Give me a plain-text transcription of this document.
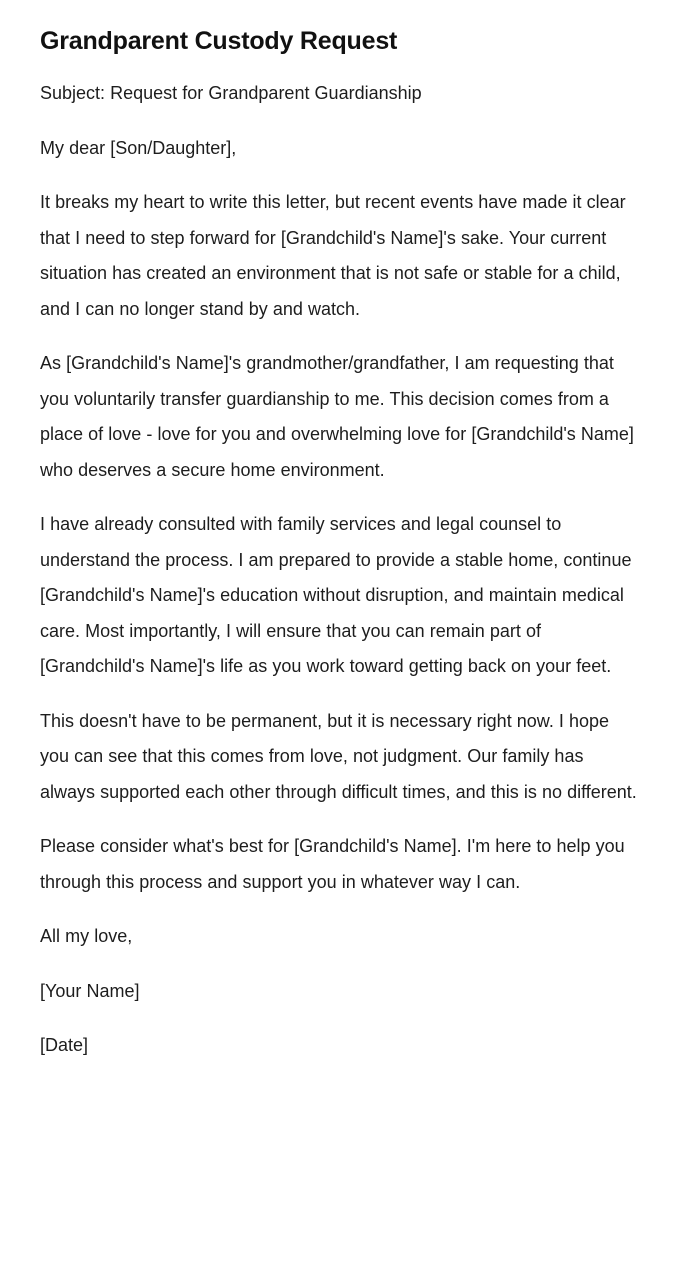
Grandparent Custody Request

Subject: Request for Grandparent Guardianship

My dear [Son/Daughter],

It breaks my heart to write this letter, but recent events have made it clear that I need to step forward for [Grandchild's Name]'s sake. Your current situation has created an environment that is not safe or stable for a child, and I can no longer stand by and watch.

As [Grandchild's Name]'s grandmother/grandfather, I am requesting that you voluntarily transfer guardianship to me. This decision comes from a place of love - love for you and overwhelming love for [Grandchild's Name] who deserves a secure home environment.

I have already consulted with family services and legal counsel to understand the process. I am prepared to provide a stable home, continue [Grandchild's Name]'s education without disruption, and maintain medical care. Most importantly, I will ensure that you can remain part of [Grandchild's Name]'s life as you work toward getting back on your feet.

This doesn't have to be permanent, but it is necessary right now. I hope you can see that this comes from love, not judgment. Our family has always supported each other through difficult times, and this is no different.

Please consider what's best for [Grandchild's Name]. I'm here to help you through this process and support you in whatever way I can.

All my love,

[Your Name]

[Date]
